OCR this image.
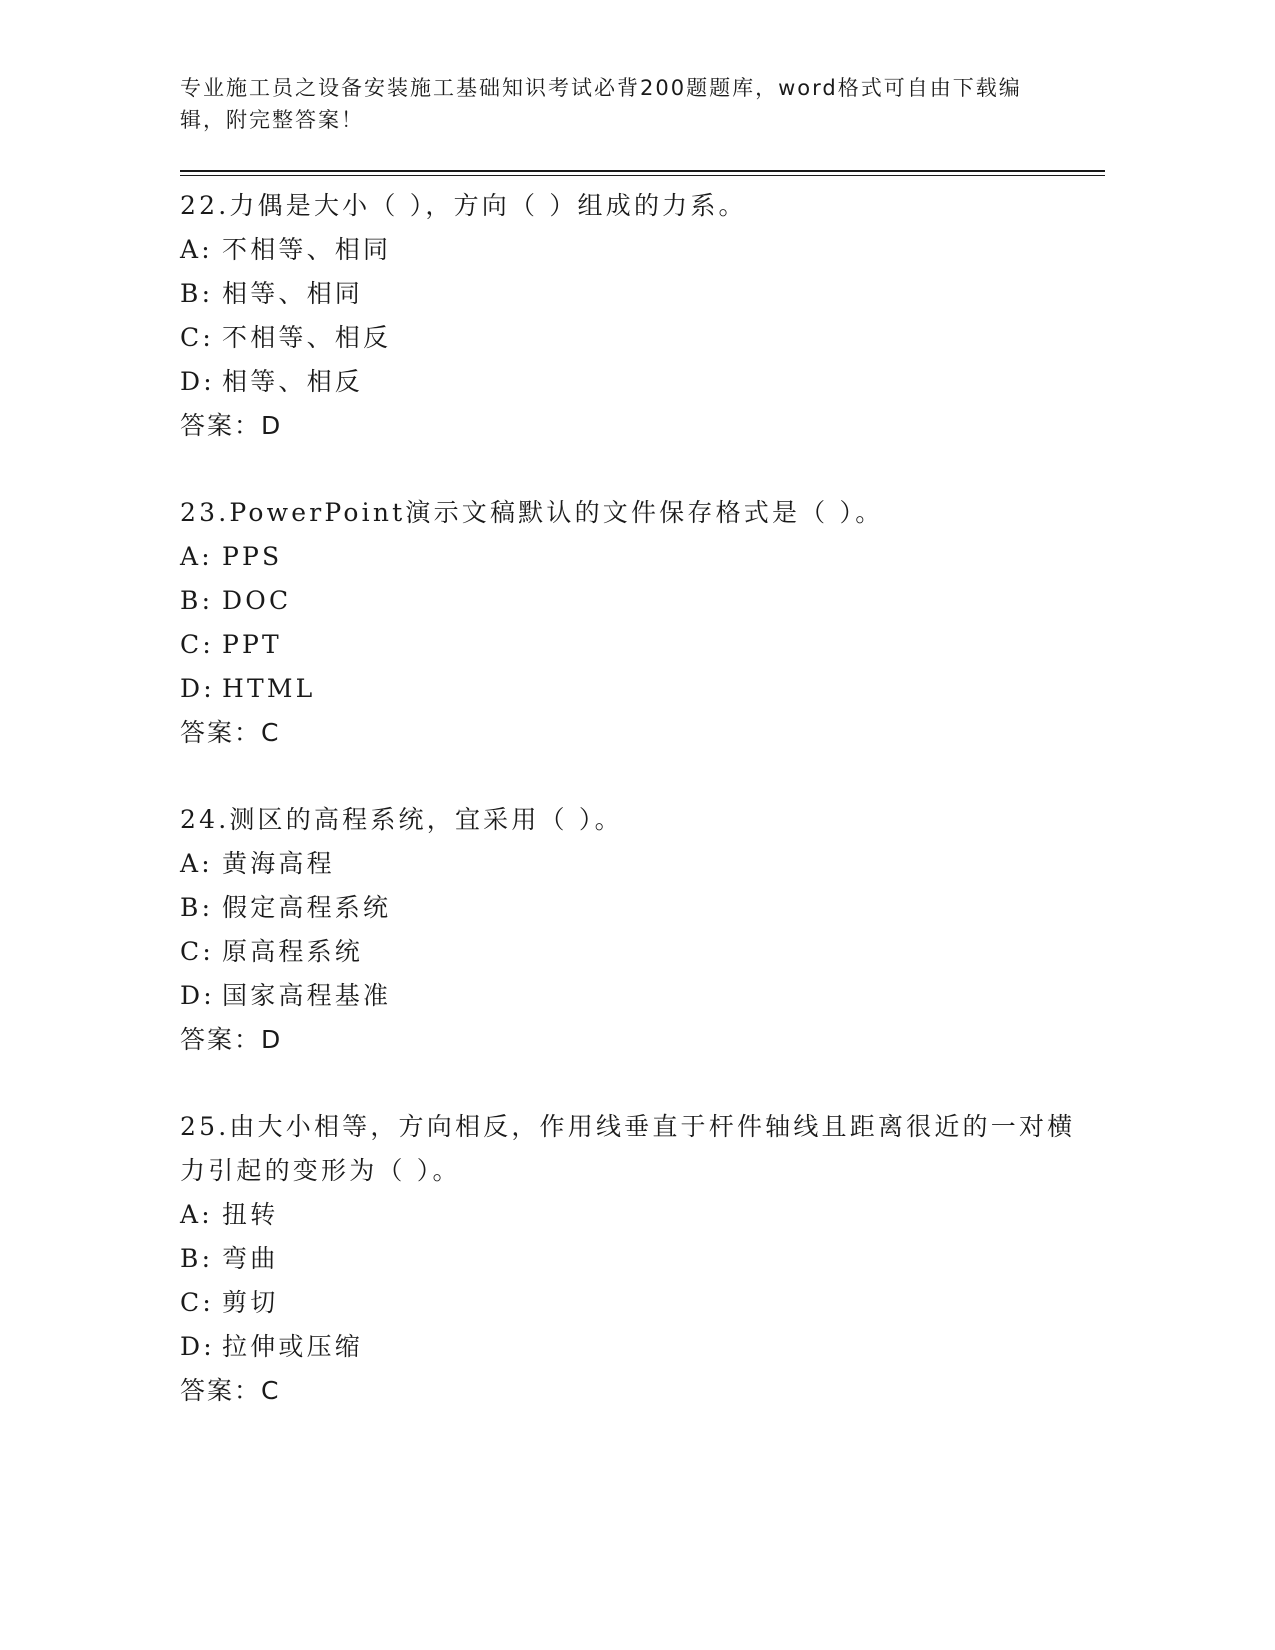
专业施工员之设备安装施工基础知识考试必背200题题库，word格式可自由下载编辑，附完整答案！
22.力偶是大小（ ），方向（ ）组成的力系。
A: 不相等、相同
B: 相等、相同
C: 不相等、相反
D: 相等、相反
答案：D
23.PowerPoint演示文稿默认的文件保存格式是（ ）。
A: PPS
B: DOC
C: PPT
D: HTML
答案：C
24.测区的高程系统，宜采用（ ）。
A: 黄海高程
B: 假定高程系统
C: 原高程系统
D: 国家高程基准
答案：D
25.由大小相等，方向相反，作用线垂直于杆件轴线且距离很近的一对横力引起的变形为（ ）。
A: 扭转
B: 弯曲
C: 剪切
D: 拉伸或压缩
答案：C
